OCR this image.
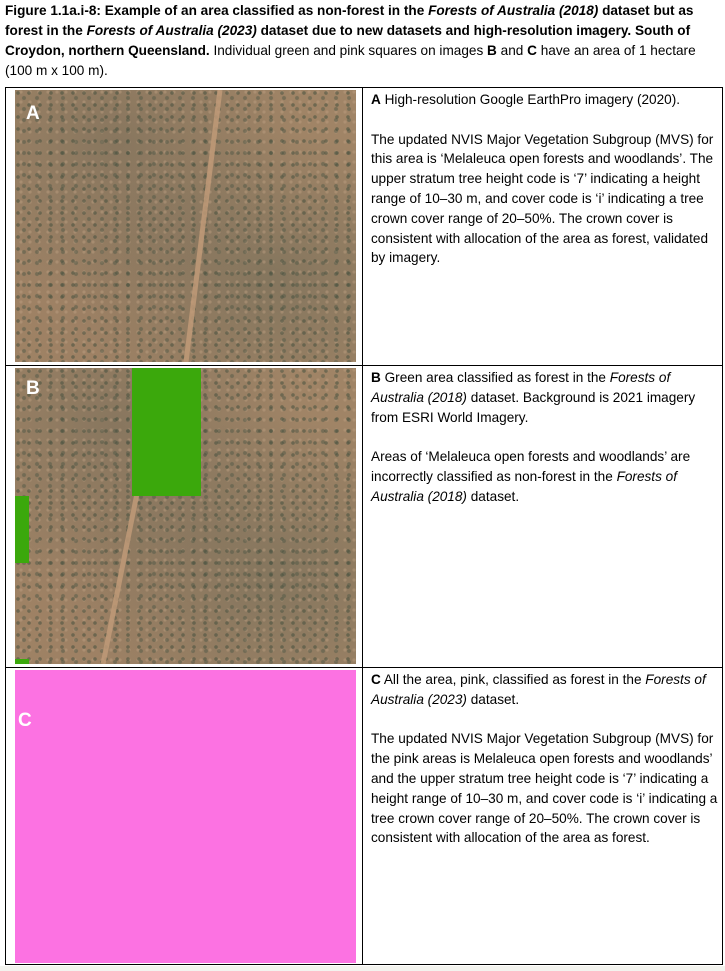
Figure 1.1a.i-8: Example of an area classified as non-forest in the Forests of Australia (2018) dataset but as forest in the Forests of Australia (2023) dataset due to new datasets and high-resolution imagery. South of Croydon, northern Queensland. Individual green and pink squares on images B and C have an area of 1 hectare (100 m x 100 m).
A	A High-resolution Google EarthPro imagery (2020).

The updated NVIS Major Vegetation Subgroup (MVS) for this area is ‘Melaleuca open forests and woodlands’. The upper stratum tree height code is ‘7’ indicating a height range of 10–30 m, and cover code is ‘i’ indicating a tree crown cover range of 20–50%. The crown cover is consistent with allocation of the area as forest, validated by imagery.

B	B Green area classified as forest in the Forests of Australia (2018) dataset. Background is 2021 imagery from ESRI World Imagery.

Areas of ‘Melaleuca open forests and woodlands’ are incorrectly classified as non-forest in the Forests of Australia (2018) dataset.

C	C All the area, pink, classified as forest in the Forests of Australia (2023) dataset.

The updated NVIS Major Vegetation Subgroup (MVS) for the pink areas is Melaleuca open forests and woodlands’ and the upper stratum tree height code is ‘7’ indicating a height range of 10–30 m, and cover code is ‘i’ indicating a tree crown cover range of 20–50%. The crown cover is consistent with allocation of the area as forest.
